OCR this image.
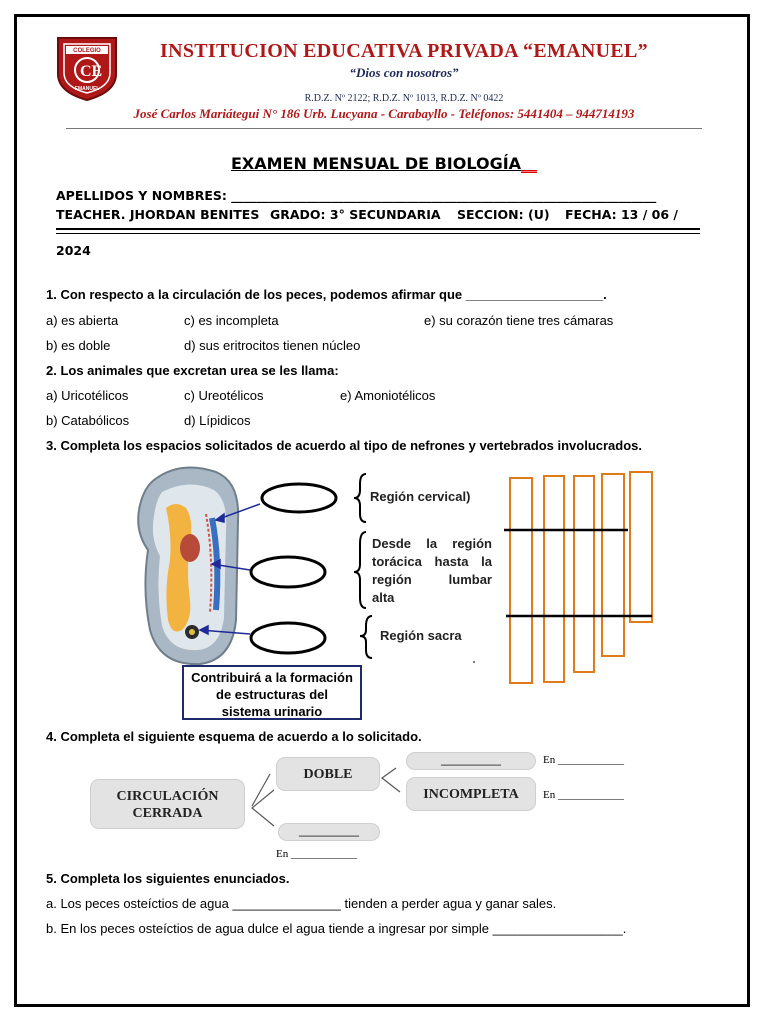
CE
COLEGIO
EMANUEL
INSTITUCION EDUCATIVA PRIVADA “EMANUEL”
“Dios con nosotros”
R.D.Z. Nº 2122; R.D.Z. Nº 1013, R.D.Z. Nº 0422
José Carlos Mariátegui N° 186 Urb. Lucyana - Carabayllo - Teléfonos: 5441404 – 944714193
EXAMEN MENSUAL DE BIOLOGÍA__
APELLIDOS Y NOMBRES: ____________________________________________________________________
TEACHER. JHORDAN BENITES GRADO: 3° SECUNDARIA SECCION: (U) FECHA: 13 / 06 /
2024
1. Con respecto a la circulación de los peces, podemos afirmar que ___________________.
a) es abierta	c) es incompleta	e) su corazón tiene tres cámaras
b) es doble	d) sus eritrocitos tienen núcleo
2. Los animales que excretan urea se les llama:
a) Uricotélicos	c) Ureotélicos	e) Amoniotélicos
b) Catabólicos	d) Lípidicos
3. Completa los espacios solicitados de acuerdo al tipo de nefrones y vertebrados involucrados.
Región cervical)
Desde la región
torácica hasta la
región lumbar
alta
Región sacra
Contribuirá a la formación
de estructuras del
sistema urinario
4. Completa el siguiente esquema de acuerdo a lo solicitado.
CIRCULACIÓN
CERRADA
DOBLE
__________
INCOMPLETA
__________
En ____________
En ____________
En ____________
5. Completa los siguientes enunciados.
a. Los peces osteíctios de agua _______________ tienden a perder agua y ganar sales.
b. En los peces osteíctios de agua dulce el agua tiende a ingresar por simple __________________.
